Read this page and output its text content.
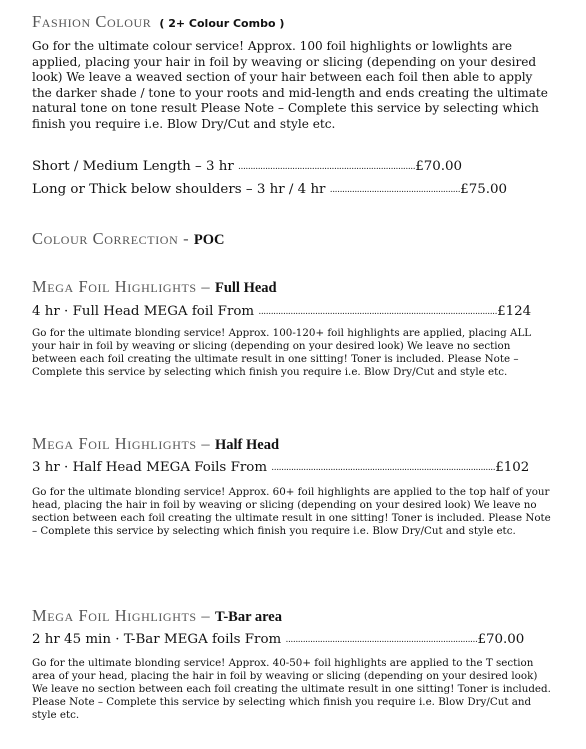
Fashion Colour ( 2+ Colour Combo )
Go for the ultimate colour service! Approx. 100 foil highlights or lowlights are applied, placing your hair in foil by weaving or slicing (depending on your desired look) We leave a weaved section of your hair between each foil then able to apply the darker shade / tone to your roots and mid-length and ends creating the ultimate natural tone on tone result Please Note – Complete this service by selecting which finish you require i.e. Blow Dry/Cut and style etc.
Short / Medium Length – 3 hr ........................................................................£70.00
Long or Thick below shoulders – 3 hr / 4 hr .....................................................£75.00
Colour Correction - POC
Mega Foil Highlights – Full Head
4 hr · Full Head MEGA foil From .................................................................................................£124
Go for the ultimate blonding service! Approx. 100-120+ foil highlights are applied, placing ALL your hair in foil by weaving or slicing (depending on your desired look) We leave no section between each foil creating the ultimate result in one sitting! Toner is included. Please Note – Complete this service by selecting which finish you require i.e. Blow Dry/Cut and style etc.
Mega Foil Highlights – Half Head
3 hr · Half Head MEGA Foils From ...........................................................................................£102
Go for the ultimate blonding service! Approx. 60+ foil highlights are applied to the top half of your head, placing the hair in foil by weaving or slicing (depending on your desired look) We leave no section between each foil creating the ultimate result in one sitting! Toner is included. Please Note – Complete this service by selecting which finish you require i.e. Blow Dry/Cut and style etc.
Mega Foil Highlights – T-Bar area
2 hr 45 min · T-Bar MEGA foils From ..............................................................................£70.00
Go for the ultimate blonding service! Approx. 40-50+ foil highlights are applied to the T section area of your head, placing the hair in foil by weaving or slicing (depending on your desired look) We leave no section between each foil creating the ultimate result in one sitting! Toner is included. Please Note – Complete this service by selecting which finish you require i.e. Blow Dry/Cut and style etc.
